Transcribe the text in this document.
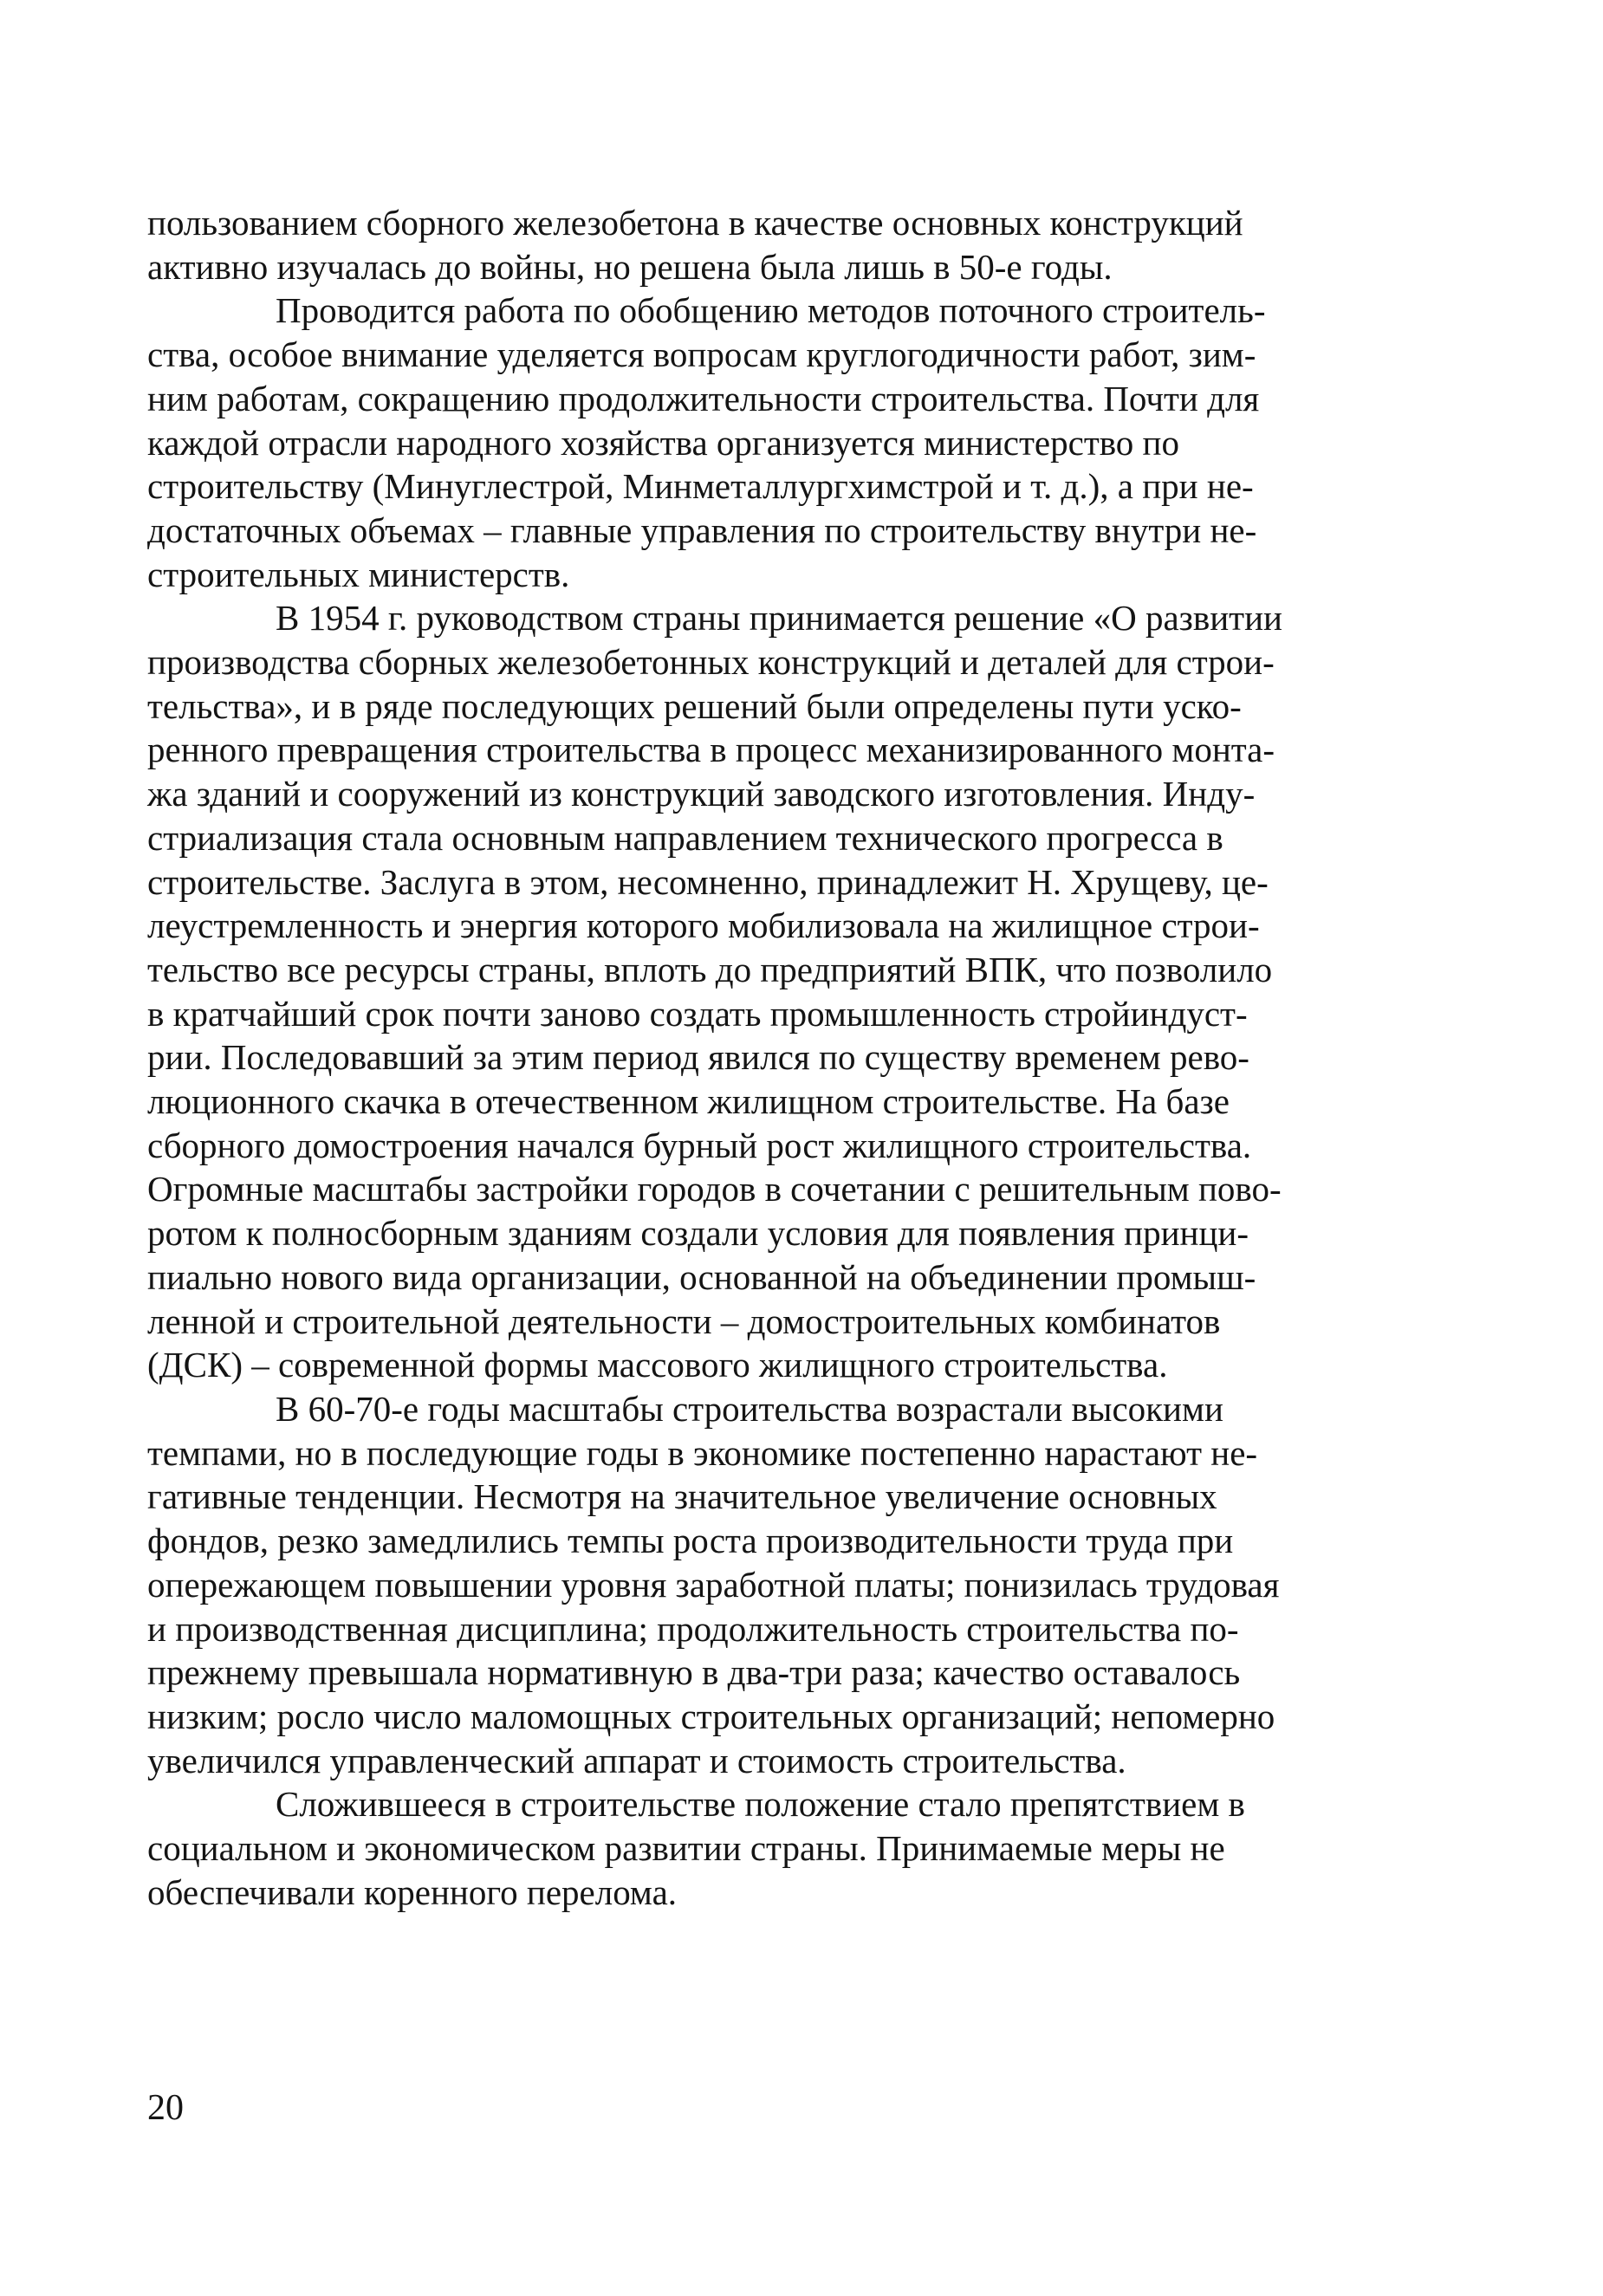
пользованием сборного железобетона в качестве основных конструкций
активно изучалась до войны, но решена была лишь в 50-е годы.

Проводится работа по обобщению методов поточного строитель-
ства, особое внимание уделяется вопросам круглогодичности работ, зим-
ним работам, сокращению продолжительности строительства. Почти для
каждой отрасли народного хозяйства организуется министерство по
строительству (Минуглестрой, Минметаллургхимстрой и т. д.), а при не-
достаточных объемах – главные управления по строительству внутри не-
строительных министерств.

В 1954 г. руководством страны принимается решение «О развитии
производства сборных железобетонных конструкций и деталей для строи-
тельства», и в ряде последующих решений были определены пути уско-
ренного превращения строительства в процесс механизированного монта-
жа зданий и сооружений из конструкций заводского изготовления. Инду-
стриализация стала основным направлением технического прогресса в
строительстве. Заслуга в этом, несомненно, принадлежит Н. Хрущеву, це-
леустремленность и энергия которого мобилизовала на жилищное строи-
тельство все ресурсы страны, вплоть до предприятий ВПК, что позволило
в кратчайший срок почти заново создать промышленность стройиндуст-
рии. Последовавший за этим период явился по существу временем рево-
люционного скачка в отечественном жилищном строительстве. На базе
сборного домостроения начался бурный рост жилищного строительства.
Огромные масштабы застройки городов в сочетании с решительным пово-
ротом к полносборным зданиям создали условия для появления принци-
пиально нового вида организации, основанной на объединении промыш-
ленной и строительной деятельности – домостроительных комбинатов
(ДСК) – современной формы массового жилищного строительства.

В 60-70-е годы масштабы строительства возрастали высокими
темпами, но в последующие годы в экономике постепенно нарастают не-
гативные тенденции. Несмотря на значительное увеличение основных
фондов, резко замедлились темпы роста производительности труда при
опережающем повышении уровня заработной платы; понизилась трудовая
и производственная дисциплина; продолжительность строительства по-
прежнему превышала нормативную в два-три раза; качество оставалось
низким; росло число маломощных строительных организаций; непомерно
увеличился управленческий аппарат и стоимость строительства.

Сложившееся в строительстве положение стало препятствием в
социальном и экономическом развитии страны. Принимаемые меры не
обеспечивали коренного перелома.

20
